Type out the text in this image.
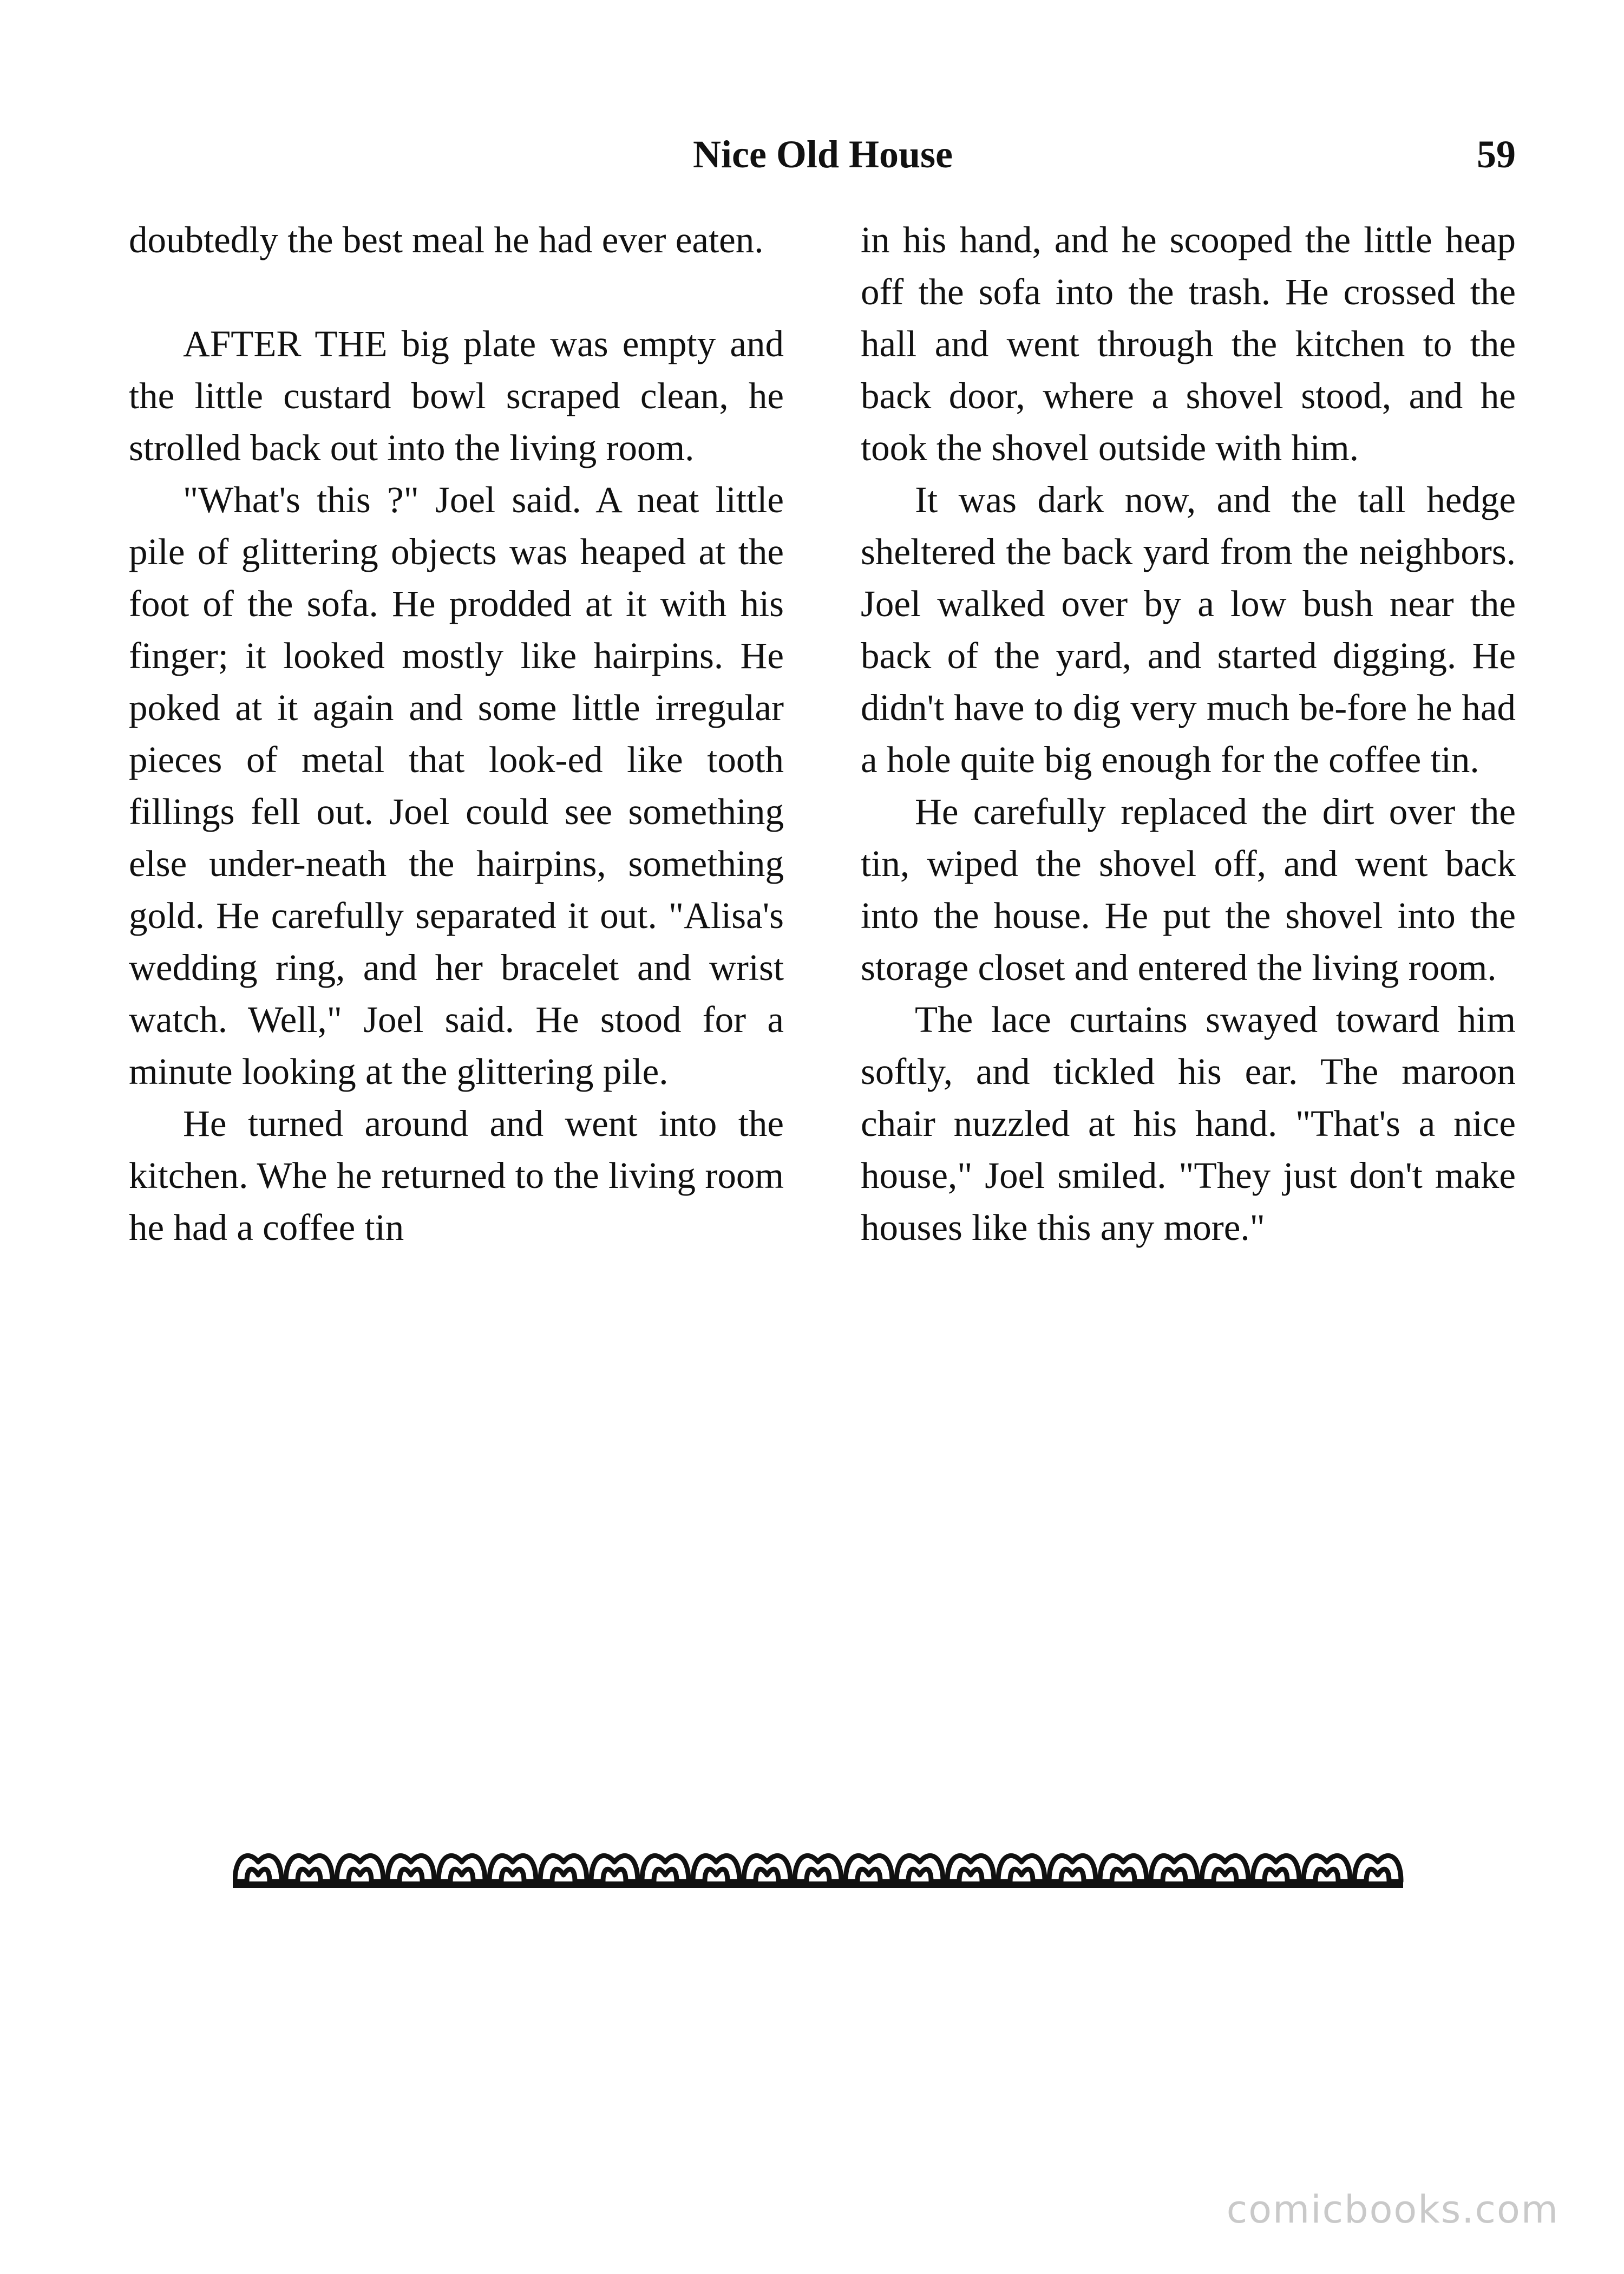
Nice Old House	59

doubtedly the best meal he had ever eaten.

AFTER THE big plate was empty and the little custard bowl scraped clean, he strolled back out into the living room.

"What's this ?" Joel said. A neat little pile of glittering objects was heaped at the foot of the sofa. He prodded at it with his finger; it looked mostly like hairpins. He poked at it again and some little irregular pieces of metal that look-ed like tooth fillings fell out. Joel could see something else under-neath the hairpins, something gold. He carefully separated it out. "Alisa's wedding ring, and her bracelet and wrist watch. Well," Joel said. He stood for a minute looking at the glittering pile.

He turned around and went into the kitchen. Whe he returned to the living room he had a coffee tin

in his hand, and he scooped the little heap off the sofa into the trash. He crossed the hall and went through the kitchen to the back door, where a shovel stood, and he took the shovel outside with him.

It was dark now, and the tall hedge sheltered the back yard from the neighbors. Joel walked over by a low bush near the back of the yard, and started digging. He didn't have to dig very much be-fore he had a hole quite big enough for the coffee tin.

He carefully replaced the dirt over the tin, wiped the shovel off, and went back into the house. He put the shovel into the storage closet and entered the living room.

The lace curtains swayed toward him softly, and tickled his ear. The maroon chair nuzzled at his hand. "That's a nice house," Joel smiled. "They just don't make houses like this any more."

comicbooks.com
